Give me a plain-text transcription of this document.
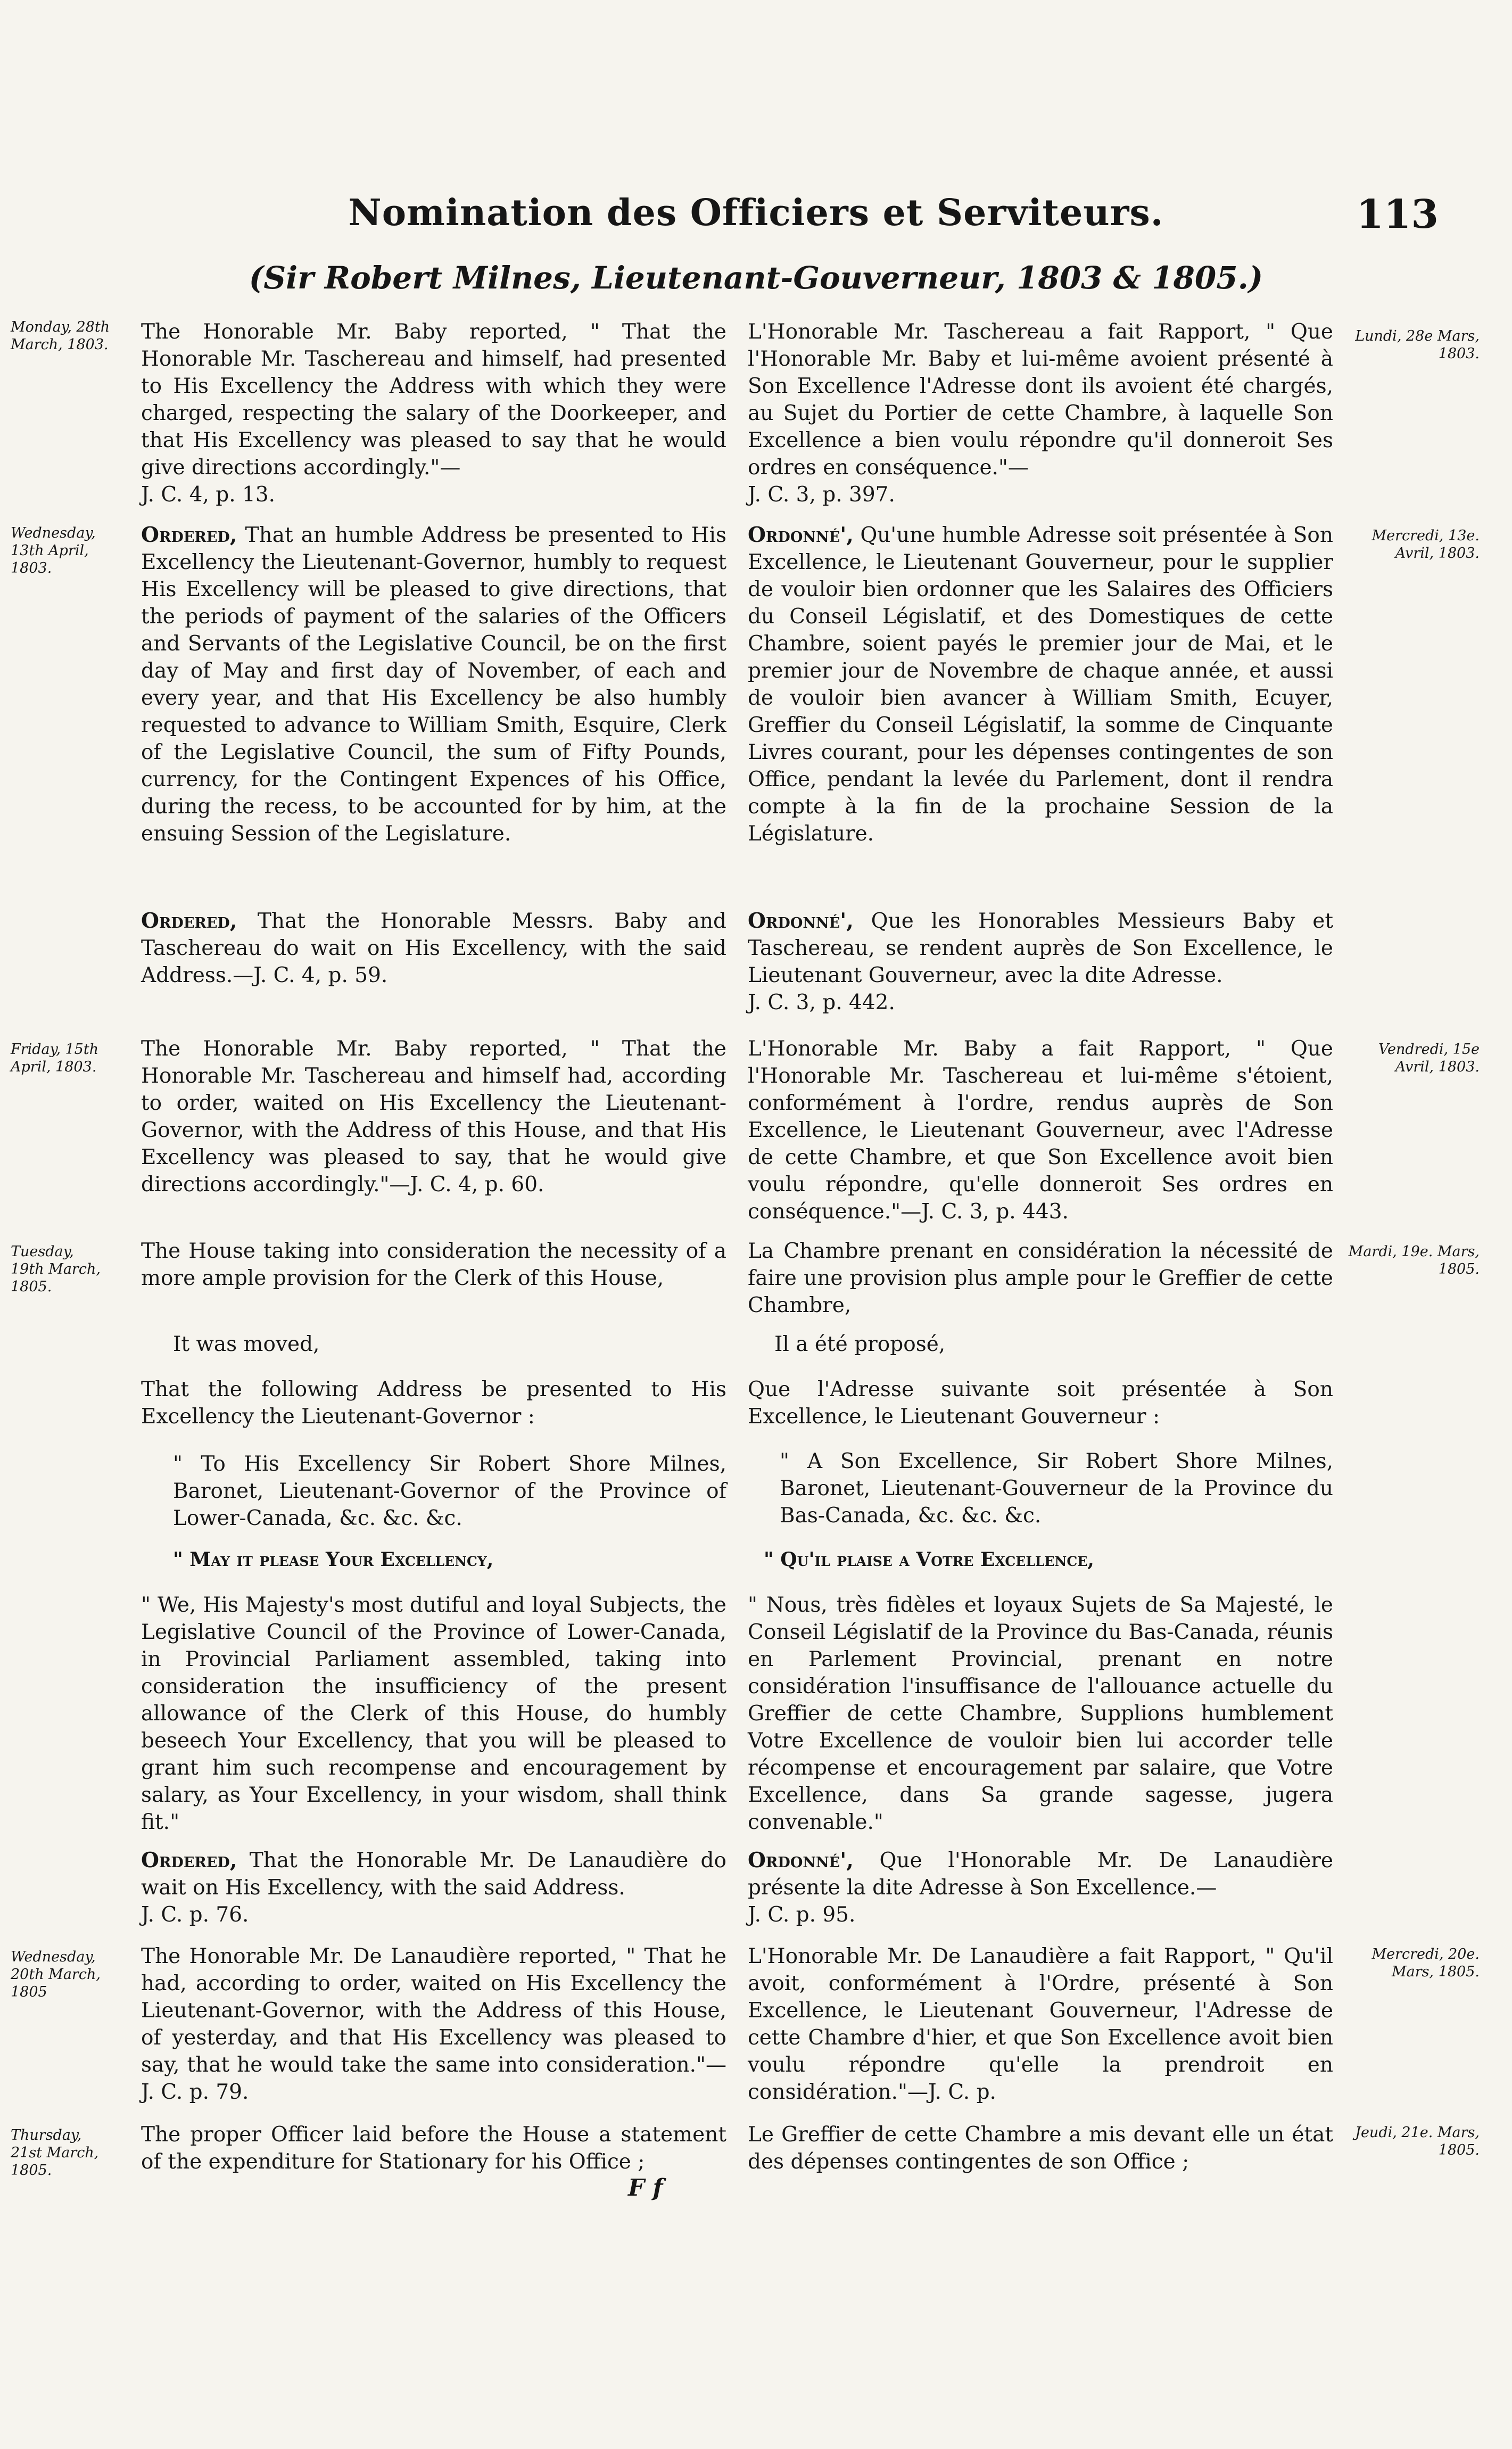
Nomination des Officiers et Serviteurs.	113
(Sir Robert Milnes, Lieutenant-Gouverneur, 1803 & 1805.)
Monday, 28th March, 1803.
Lundi, 28e Mars, 1803.

The Honorable Mr. Baby reported, " That the Honorable Mr. Taschereau and himself, had presented to His Excellency the Address with which they were charged, respecting the salary of the Doorkeeper, and that His Excellency was pleased to say that he would give directions accordingly."—

J. C. 4, p. 13.

L'Honorable Mr. Taschereau a fait Rapport, " Que l'Honorable Mr. Baby et lui-même avoient présenté à Son Excellence l'Adresse dont ils avoient été chargés, au Sujet du Portier de cette Chambre, à laquelle Son Excellence a bien voulu répondre qu'il donneroit Ses ordres en conséquence."—

J. C. 3, p. 397.

Wednesday, 13th April, 1803.
Mercredi, 13e. Avril, 1803.

Ordered, That an humble Address be presented to His Excellency the Lieutenant-Governor, humbly to request His Excellency will be pleased to give directions, that the periods of payment of the salaries of the Officers and Servants of the Legislative Council, be on the first day of May and first day of November, of each and every year, and that His Excellency be also humbly requested to advance to William Smith, Esquire, Clerk of the Legislative Council, the sum of Fifty Pounds, currency, for the Contingent Expences of his Office, during the recess, to be accounted for by him, at the ensuing Session of the Legislature.

Ordonné', Qu'une humble Adresse soit présentée à Son Excellence, le Lieutenant Gouverneur, pour le supplier de vouloir bien ordonner que les Salaires des Officiers du Conseil Législatif, et des Domestiques de cette Chambre, soient payés le premier jour de Mai, et le premier jour de Novembre de chaque année, et aussi de vouloir bien avancer à William Smith, Ecuyer, Greffier du Conseil Législatif, la somme de Cinquante Livres courant, pour les dépenses contingentes de son Office, pendant la levée du Parlement, dont il rendra compte à la fin de la prochaine Session de la Législature.

Ordered, That the Honorable Messrs. Baby and Taschereau do wait on His Excellency, with the said Address.—J. C. 4, p. 59.

Ordonné', Que les Honorables Messieurs Baby et Taschereau, se rendent auprès de Son Excellence, le Lieutenant Gouverneur, avec la dite Adresse.

J. C. 3, p. 442.

Friday, 15th April, 1803.
Vendredi, 15e Avril, 1803.

The Honorable Mr. Baby reported, " That the Honorable Mr. Taschereau and himself had, according to order, waited on His Excellency the Lieutenant-Governor, with the Address of this House, and that His Excellency was pleased to say, that he would give directions accordingly."—J. C. 4, p. 60.

L'Honorable Mr. Baby a fait Rapport, " Que l'Honorable Mr. Taschereau et lui-même s'étoient, conformément à l'ordre, rendus auprès de Son Excellence, le Lieutenant Gouverneur, avec l'Adresse de cette Chambre, et que Son Excellence avoit bien voulu répondre, qu'elle donneroit Ses ordres en conséquence."—J. C. 3, p. 443.

Tuesday, 19th March, 1805.
Mardi, 19e. Mars, 1805.

The House taking into consideration the necessity of a more ample provision for the Clerk of this House,

La Chambre prenant en considération la nécessité de faire une provision plus ample pour le Greffier de cette Chambre,

It was moved,	Il a été proposé,

That the following Address be presented to His Excellency the Lieutenant-Governor :

Que l'Adresse suivante soit présentée à Son Excellence, le Lieutenant Gouverneur :

" To His Excellency Sir Robert Shore Milnes, Baronet, Lieutenant-Governor of the Province of Lower-Canada, &c. &c. &c.

" A Son Excellence, Sir Robert Shore Milnes, Baronet, Lieutenant-Gouverneur de la Province du Bas-Canada, &c. &c. &c.

" May it please Your Excellency,	" Qu'il plaise a Votre Excellence,

" We, His Majesty's most dutiful and loyal Subjects, the Legislative Council of the Province of Lower-Canada, in Provincial Parliament assembled, taking into consideration the insufficiency of the present allowance of the Clerk of this House, do humbly beseech Your Excellency, that you will be pleased to grant him such recompense and encouragement by salary, as Your Excellency, in your wisdom, shall think fit."

" Nous, très fidèles et loyaux Sujets de Sa Majesté, le Conseil Législatif de la Province du Bas-Canada, réunis en Parlement Provincial, prenant en notre considération l'insuffisance de l'allouance actuelle du Greffier de cette Chambre, Supplions humblement Votre Excellence de vouloir bien lui accorder telle récompense et encouragement par salaire, que Votre Excellence, dans Sa grande sagesse, jugera convenable."

Ordered, That the Honorable Mr. De Lanaudière do wait on His Excellency, with the said Address.

J. C. p. 76.

Ordonné', Que l'Honorable Mr. De Lanaudière présente la dite Adresse à Son Excellence.—

J. C. p. 95.

Wednesday, 20th March, 1805
Mercredi, 20e. Mars, 1805.

The Honorable Mr. De Lanaudière reported, " That he had, according to order, waited on His Excellency the Lieutenant-Governor, with the Address of this House, of yesterday, and that His Excellency was pleased to say, that he would take the same into consideration."—J. C. p. 79.

L'Honorable Mr. De Lanaudière a fait Rapport, " Qu'il avoit, conformément à l'Ordre, présenté à Son Excellence, le Lieutenant Gouverneur, l'Adresse de cette Chambre d'hier, et que Son Excellence avoit bien voulu répondre qu'elle la prendroit en considération."—J. C. p.

Thursday, 21st March, 1805.
Jeudi, 21e. Mars, 1805.

The proper Officer laid before the House a statement of the expenditure for Stationary for his Office ;

Le Greffier de cette Chambre a mis devant elle un état des dépenses contingentes de son Office ;

F f
